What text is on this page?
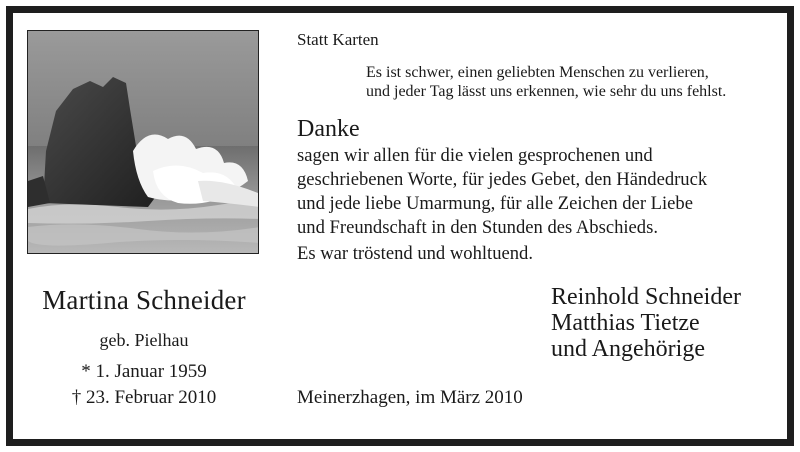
Martina Schneider
geb. Pielhau
* 1. Januar 1959
† 23. Februar 2010
Statt Karten
Es ist schwer, einen geliebten Menschen zu verlieren,
und jeder Tag lässt uns erkennen, wie sehr du uns fehlst.
Danke
sagen wir allen für die vielen gesprochenen und
geschriebenen Worte, für jedes Gebet, den Händedruck
und jede liebe Umarmung, für alle Zeichen der Liebe
und Freundschaft in den Stunden des Abschieds.
Es war tröstend und wohltuend.
Reinhold Schneider
Matthias Tietze
und Angehörige
Meinerzhagen, im März 2010
